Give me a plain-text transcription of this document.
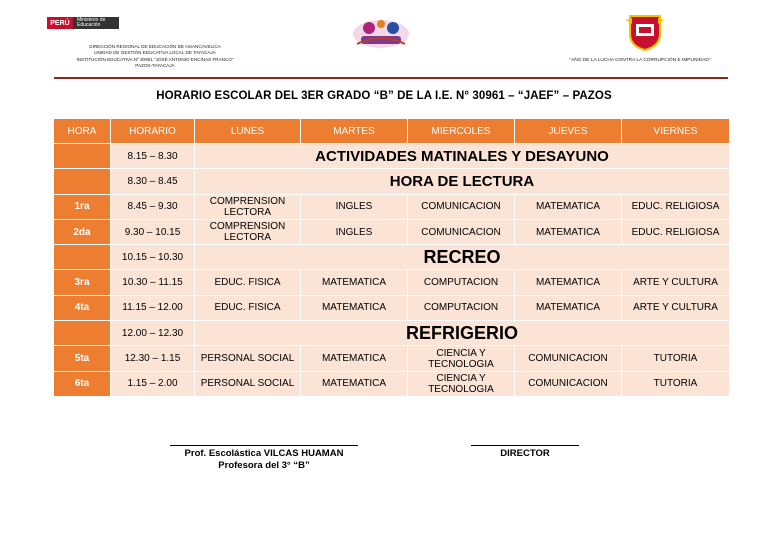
PERÚ	Ministerio de Educación
DIRECCIÓN REGIONAL DE EDUCACIÓN DE HUANCAVELICA
UNIDAD DE GESTIÓN EDUCATIVA LOCAL DE TAYACAJA
INSTITUCIÓN EDUCATIVA Nº 30961 "JOSÉ ANTONIO ENCINAS FRANCO"
PAZOS-TAYACAJA
"AÑO DE LA LUCHA CONTRA LA CORRUPCIÓN E IMPUNIDAD"
HORARIO ESCOLAR DEL 3ER GRADO “B” DE LA I.E. N° 30961 – “JAEF” – PAZOS
HORA	HORARIO	LUNES	MARTES	MIERCOLES	JUEVES	VIERNES
	8.15 – 8.30	ACTIVIDADES MATINALES Y DESAYUNO				
	8.30 – 8.45	HORA DE LECTURA				
1ra	8.45 – 9.30	COMPRENSION LECTORA	INGLES	COMUNICACION	MATEMATICA	EDUC. RELIGIOSA
2da	9.30 – 10.15	COMPRENSION LECTORA	INGLES	COMUNICACION	MATEMATICA	EDUC. RELIGIOSA
	10.15 – 10.30	RECREO				
3ra	10.30 – 11.15	EDUC. FISICA	MATEMATICA	COMPUTACION	MATEMATICA	ARTE Y CULTURA
4ta	11.15 – 12.00	EDUC. FISICA	MATEMATICA	COMPUTACION	MATEMATICA	ARTE Y CULTURA
	12.00 – 12.30	REFRIGERIO				
5ta	12.30 – 1.15	PERSONAL SOCIAL	MATEMATICA	CIENCIA Y TECNOLOGIA	COMUNICACION	TUTORIA
6ta	1.15 – 2.00	PERSONAL SOCIAL	MATEMATICA	CIENCIA Y TECNOLOGIA	COMUNICACION	TUTORIA
Prof. Escolástica VILCAS HUAMAN
Profesora del 3° “B”
DIRECTOR
